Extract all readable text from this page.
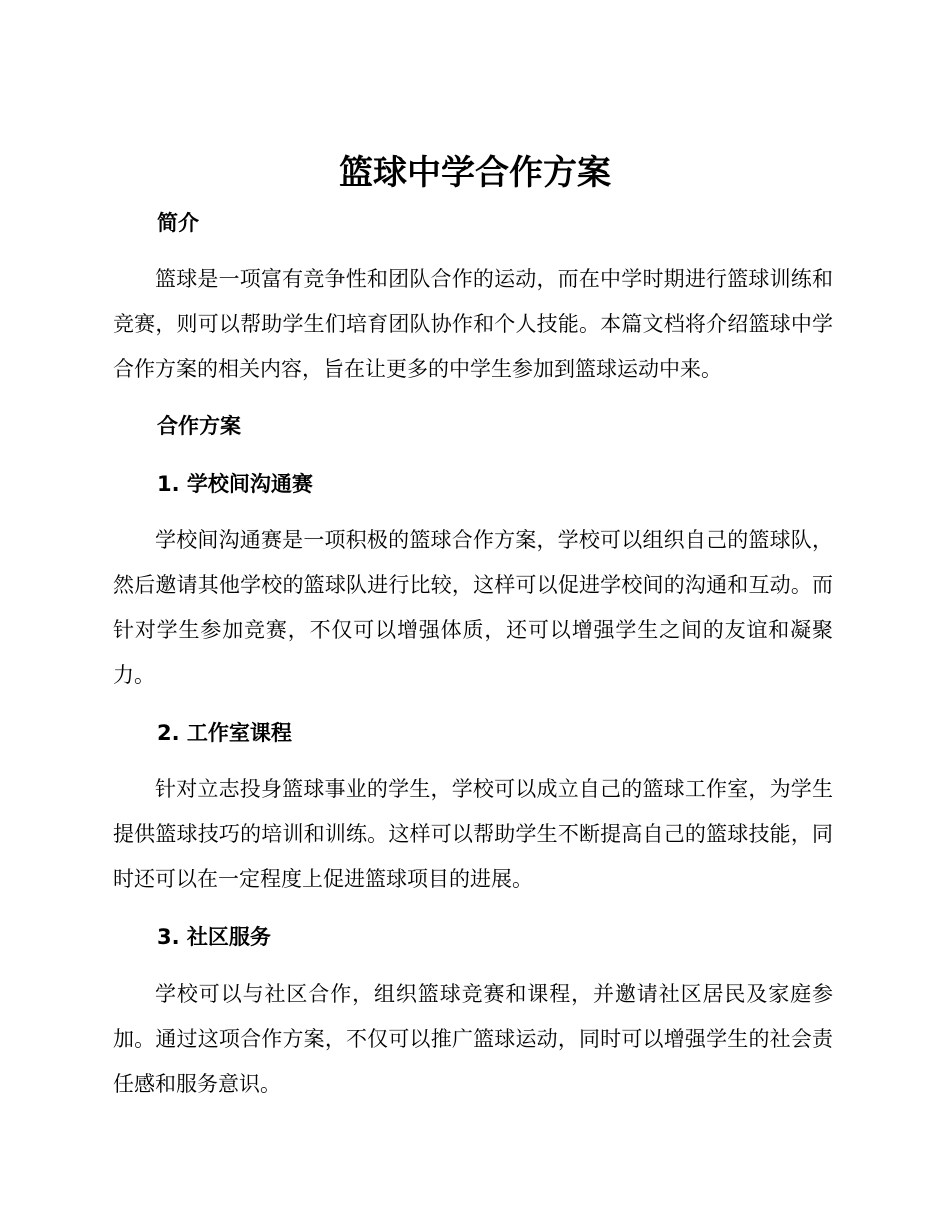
篮球中学合作方案
简介

篮球是一项富有竞争性和团队合作的运动，而在中学时期进行篮球训练和竞赛，则可以帮助学生们培育团队协作和个人技能。本篇文档将介绍篮球中学合作方案的相关内容，旨在让更多的中学生参加到篮球运动中来。

合作方案
1. 学校间沟通赛

学校间沟通赛是一项积极的篮球合作方案，学校可以组织自己的篮球队，然后邀请其他学校的篮球队进行比较，这样可以促进学校间的沟通和互动。而针对学生参加竞赛，不仅可以增强体质，还可以增强学生之间的友谊和凝聚力。

2. 工作室课程

针对立志投身篮球事业的学生，学校可以成立自己的篮球工作室，为学生提供篮球技巧的培训和训练。这样可以帮助学生不断提高自己的篮球技能，同时还可以在一定程度上促进篮球项目的进展。

3. 社区服务

学校可以与社区合作，组织篮球竞赛和课程，并邀请社区居民及家庭参加。通过这项合作方案，不仅可以推广篮球运动，同时可以增强学生的社会责任感和服务意识。
